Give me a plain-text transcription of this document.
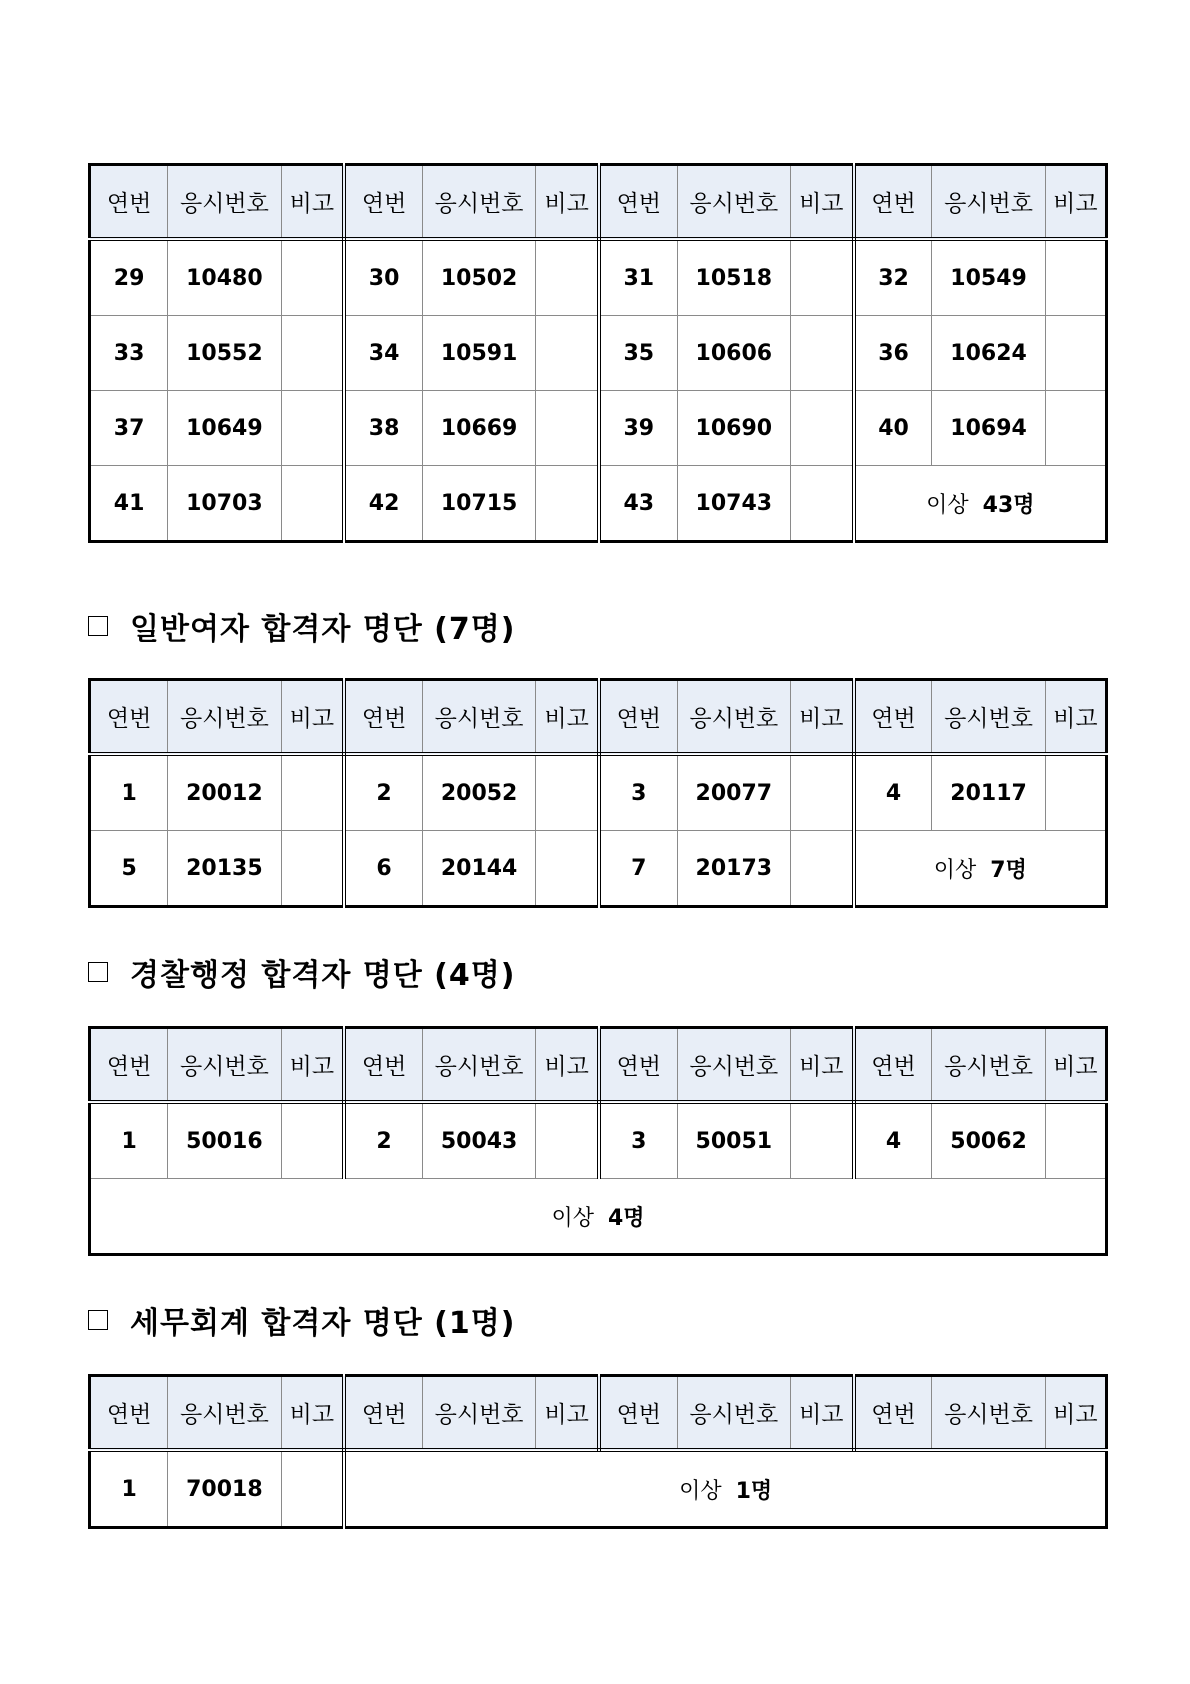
연번	응시번호	비고	연번	응시번호	비고	연번	응시번호	비고	연번	응시번호	비고
29	10480		30	10502		31	10518		32	10549	
33	10552		34	10591		35	10606		36	10624	
37	10649		38	10669		39	10690		40	10694	
41	10703		42	10715		43	10743		이상 43명		
일반여자 합격자 명단 (7명)
연번	응시번호	비고	연번	응시번호	비고	연번	응시번호	비고	연번	응시번호	비고
1	20012		2	20052		3	20077		4	20117	
5	20135		6	20144		7	20173		이상 7명		
경찰행정 합격자 명단 (4명)
연번	응시번호	비고	연번	응시번호	비고	연번	응시번호	비고	연번	응시번호	비고
1	50016		2	50043		3	50051		4	50062	
이상 4명											
세무회계 합격자 명단 (1명)
연번	응시번호	비고	연번	응시번호	비고	연번	응시번호	비고	연번	응시번호	비고
1	70018		이상 1명								
